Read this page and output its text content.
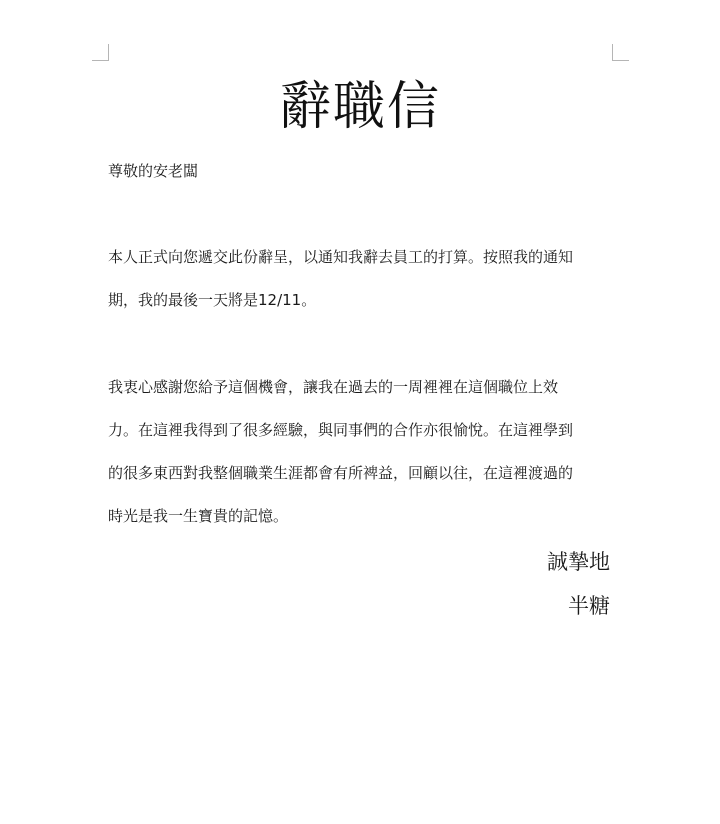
辭職信
尊敬的安老闆

本人正式向您遞交此份辭呈，以通知我辭去員工的打算。按照我的通知
期，我的最後一天將是12/11。

我衷心感謝您給予這個機會，讓我在過去的一周裡裡在這個職位上效
力。在這裡我得到了很多經驗，與同事們的合作亦很愉悅。在這裡學到
的很多東西對我整個職業生涯都會有所裨益，回顧以往，在這裡渡過的
時光是我一生寶貴的記憶。

誠摯地
半糖
